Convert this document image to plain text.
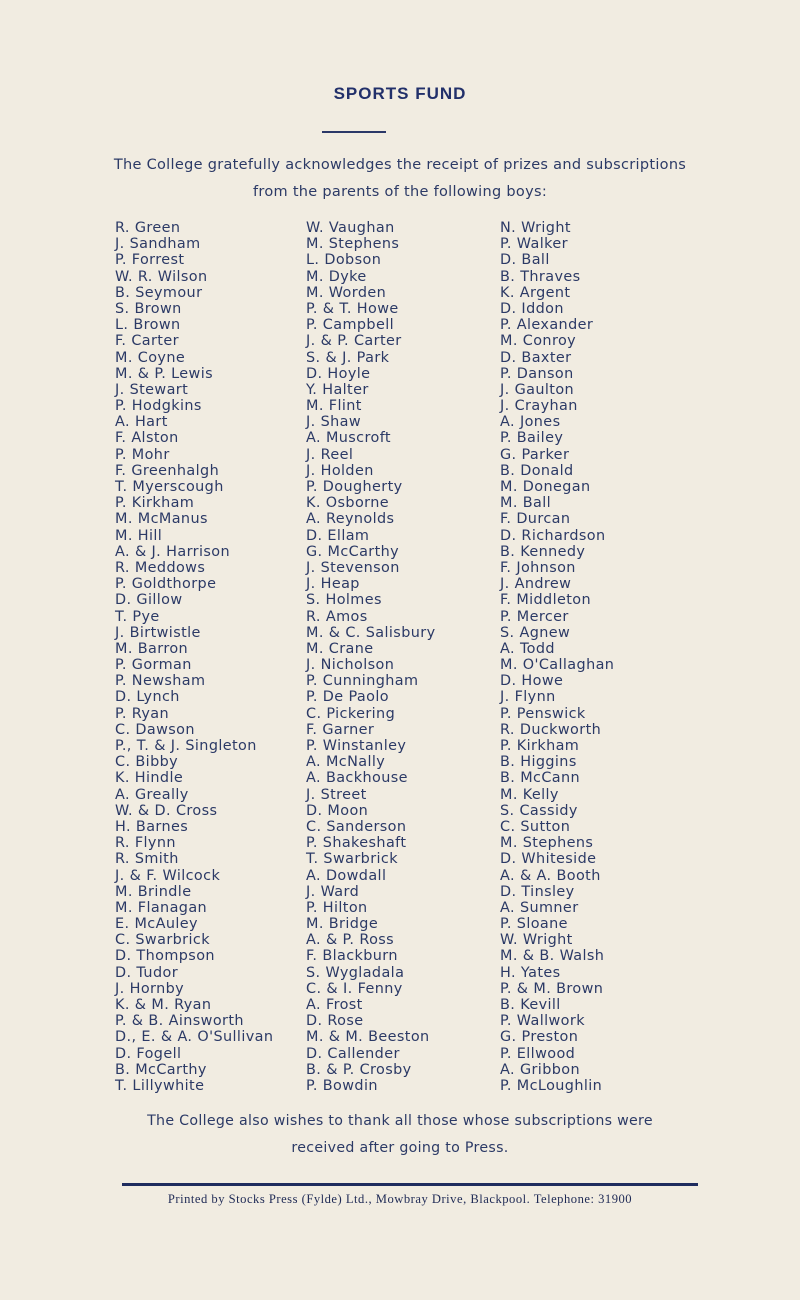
SPORTS FUND
The College gratefully acknowledges the receipt of prizes and subscriptions
from the parents of the following boys:
R. Green
J. Sandham
P. Forrest
W. R. Wilson
B. Seymour
S. Brown
L. Brown
F. Carter
M. Coyne
M. & P. Lewis
J. Stewart
P. Hodgkins
A. Hart
F. Alston
P. Mohr
F. Greenhalgh
T. Myerscough
P. Kirkham
M. McManus
M. Hill
A. & J. Harrison
R. Meddows
P. Goldthorpe
D. Gillow
T. Pye
J. Birtwistle
M. Barron
P. Gorman
P. Newsham
D. Lynch
P. Ryan
C. Dawson
P., T. & J. Singleton
C. Bibby
K. Hindle
A. Greally
W. & D. Cross
H. Barnes
R. Flynn
R. Smith
J. & F. Wilcock
M. Brindle
M. Flanagan
E. McAuley
C. Swarbrick
D. Thompson
D. Tudor
J. Hornby
K. & M. Ryan
P. & B. Ainsworth
D., E. & A. O'Sullivan
D. Fogell
B. McCarthy
T. Lillywhite
W. Vaughan
M. Stephens
L. Dobson
M. Dyke
M. Worden
P. & T. Howe
P. Campbell
J. & P. Carter
S. & J. Park
D. Hoyle
Y. Halter
M. Flint
J. Shaw
A. Muscroft
J. Reel
J. Holden
P. Dougherty
K. Osborne
A. Reynolds
D. Ellam
G. McCarthy
J. Stevenson
J. Heap
S. Holmes
R. Amos
M. & C. Salisbury
M. Crane
J. Nicholson
P. Cunningham
P. De Paolo
C. Pickering
F. Garner
P. Winstanley
A. McNally
A. Backhouse
J. Street
D. Moon
C. Sanderson
P. Shakeshaft
T. Swarbrick
A. Dowdall
J. Ward
P. Hilton
M. Bridge
A. & P. Ross
F. Blackburn
S. Wygladala
C. & I. Fenny
A. Frost
D. Rose
M. & M. Beeston
D. Callender
B. & P. Crosby
P. Bowdin
N. Wright
P. Walker
D. Ball
B. Thraves
K. Argent
D. Iddon
P. Alexander
M. Conroy
D. Baxter
P. Danson
J. Gaulton
J. Crayhan
A. Jones
P. Bailey
G. Parker
B. Donald
M. Donegan
M. Ball
F. Durcan
D. Richardson
B. Kennedy
F. Johnson
J. Andrew
F. Middleton
P. Mercer
S. Agnew
A. Todd
M. O'Callaghan
D. Howe
J. Flynn
P. Penswick
R. Duckworth
P. Kirkham
B. Higgins
B. McCann
M. Kelly
S. Cassidy
C. Sutton
M. Stephens
D. Whiteside
A. & A. Booth
D. Tinsley
A. Sumner
P. Sloane
W. Wright
M. & B. Walsh
H. Yates
P. & M. Brown
B. Kevill
P. Wallwork
G. Preston
P. Ellwood
A. Gribbon
P. McLoughlin
The College also wishes to thank all those whose subscriptions were
received after going to Press.
Printed by Stocks Press (Fylde) Ltd., Mowbray Drive, Blackpool. Telephone: 31900
